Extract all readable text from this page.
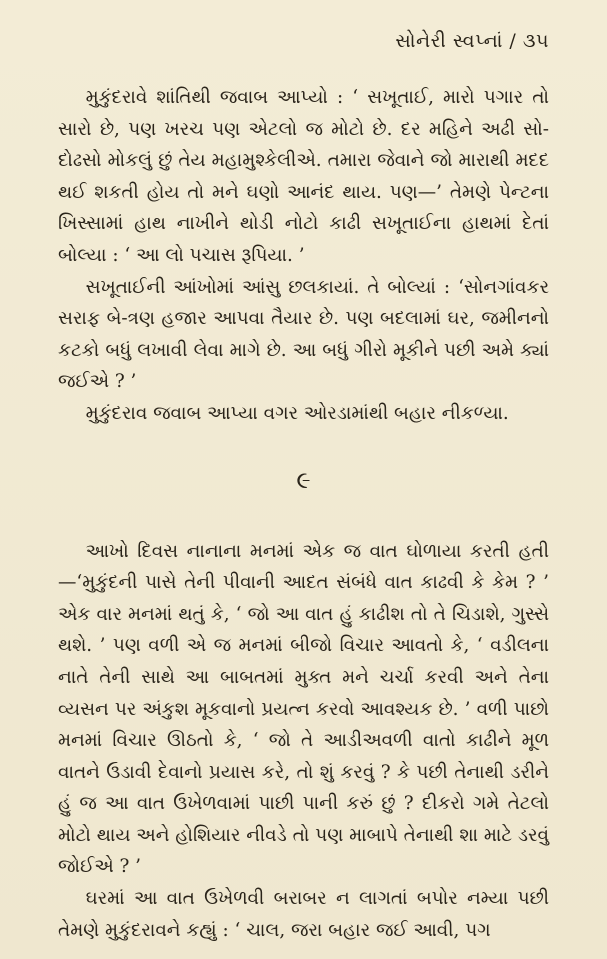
સોનેરી સ્વપ્નાં / ૩૫

મુકુંદરાવે શાંતિથી જવાબ આપ્યો : ‘ સખૂતાઈ, મારો પગાર તો સારો છે, પણ ખરચ પણ એટલો જ મોટો છે. દર મહિને અઢી સો-દોઢસો મોકલું છું તેય મહામુશ્કેલીએ. તમારા જેવાને જો મારાથી મદદ થઈ શકતી હોય તો મને ઘણો આનંદ થાય. પણ—’ તેમણે પેન્ટના ખિસ્સામાં હાથ નાખીને થોડી નોટો કાઢી સખૂતાઈના હાથમાં દેતાં બોલ્યા : ‘ આ લો પચાસ રૂપિયા. ’

સખૂતાઈની આંખોમાં આંસુ છલકાયાં. તે બોલ્યાં : ‘સોનગાંવકર સરાફ બે-ત્રણ હજાર આપવા તૈયાર છે. પણ બદલામાં ઘર, જમીનનો કટકો બધું લખાવી લેવા માગે છે. આ બધું ગીરો મૂકીને પછી અમે ક્યાં જઈએ ? ’

મુકુંદરાવ જવાબ આપ્યા વગર ઓરડામાંથી બહાર નીકળ્યા.

૯

આખો દિવસ નાનાના મનમાં એક જ વાત ઘોળાયા કરતી હતી—‘મુકુંદની પાસે તેની પીવાની આદત સંબંધે વાત કાઢવી કે કેમ ? ’ એક વાર મનમાં થતું કે, ‘ જો આ વાત હું કાઢીશ તો તે ચિડાશે, ગુસ્સે થશે. ’ પણ વળી એ જ મનમાં બીજો વિચાર આવતો કે, ‘ વડીલના નાતે તેની સાથે આ બાબતમાં મુક્ત મને ચર્ચા કરવી અને તેના વ્યસન પર અંકુશ મૂકવાનો પ્રયત્ન કરવો આવશ્યક છે. ’ વળી પાછો મનમાં વિચાર ઊઠતો કે, ‘ જો તે આડીઅવળી વાતો કાઢીને મૂળ વાતને ઉડાવી દેવાનો પ્રયાસ કરે, તો શું કરવું ? કે પછી તેનાથી ડરીને હું જ આ વાત ઉખેળવામાં પાછી પાની કરું છું ? દીકરો ગમે તેટલો મોટો થાય અને હોશિયાર નીવડે તો પણ માબાપે તેનાથી શા માટે ડરવું જોઈએ ? ’

ઘરમાં આ વાત ઉખેળવી બરાબર ન લાગતાં બપોર નમ્યા પછી તેમણે મુકુંદરાવને કહ્યું : ‘ ચાલ, જરા બહાર જઈ આવી, પગ
